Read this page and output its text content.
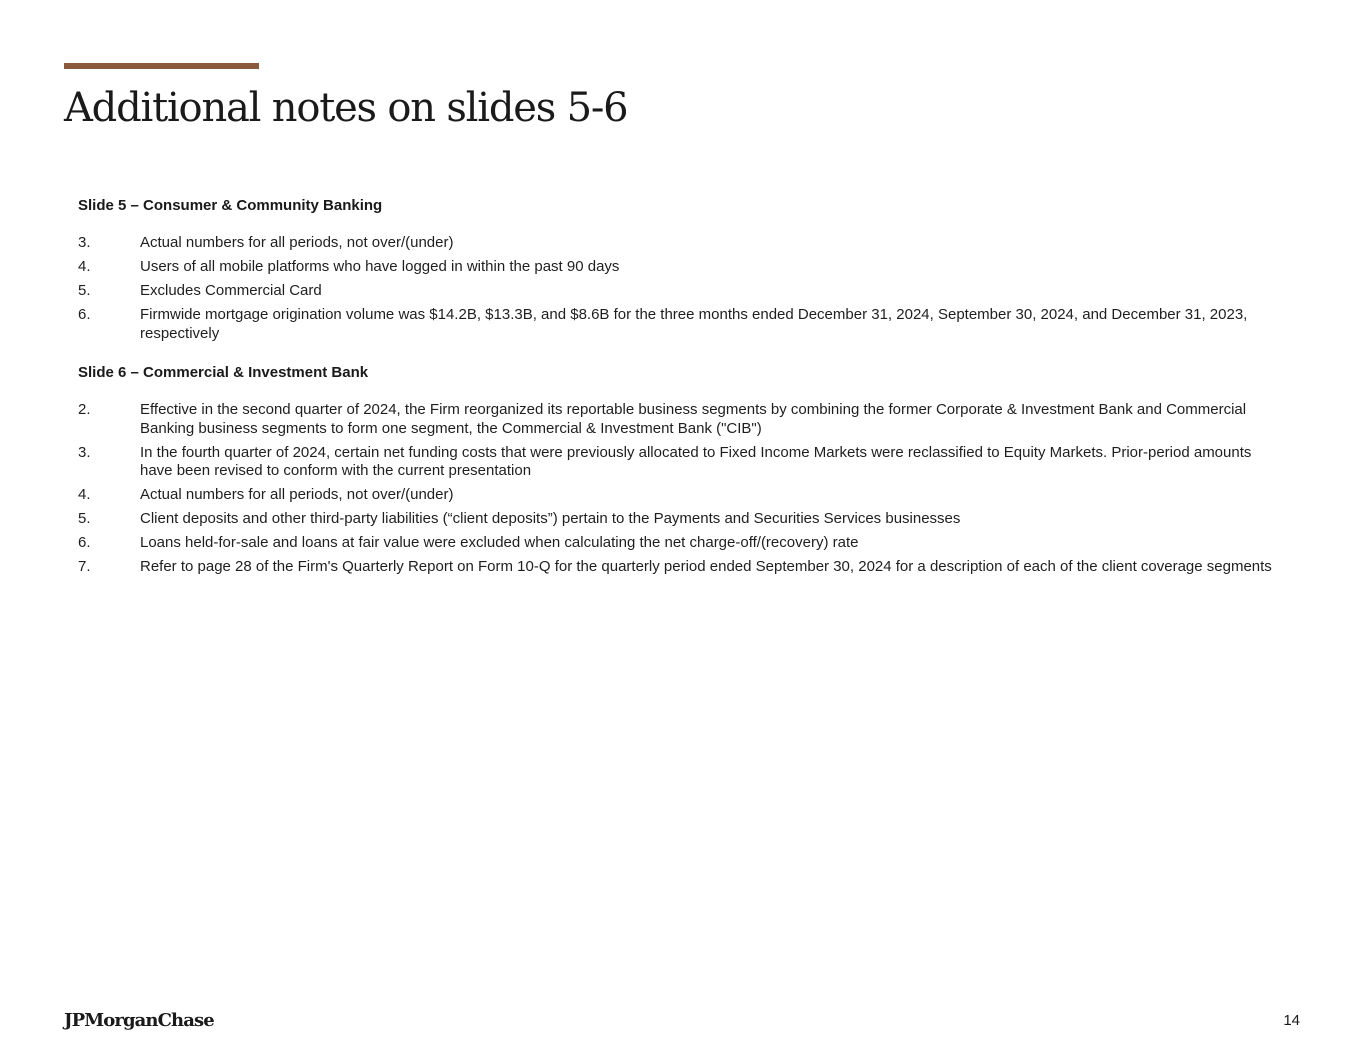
Additional notes on slides 5-6
Slide 5 – Consumer & Community Banking
3.	Actual numbers for all periods, not over/(under)
4.	Users of all mobile platforms who have logged in within the past 90 days
5.	Excludes Commercial Card
6.	Firmwide mortgage origination volume was $14.2B, $13.3B, and $8.6B for the three months ended December 31, 2024, September 30, 2024, and December 31, 2023, respectively
Slide 6 – Commercial & Investment Bank
2.	Effective in the second quarter of 2024, the Firm reorganized its reportable business segments by combining the former Corporate & Investment Bank and Commercial Banking business segments to form one segment, the Commercial & Investment Bank ("CIB")
3.	In the fourth quarter of 2024, certain net funding costs that were previously allocated to Fixed Income Markets were reclassified to Equity Markets. Prior-period amounts have been revised to conform with the current presentation
4.	Actual numbers for all periods, not over/(under)
5.	Client deposits and other third-party liabilities (“client deposits”) pertain to the Payments and Securities Services businesses
6.	Loans held-for-sale and loans at fair value were excluded when calculating the net charge-off/(recovery) rate
7.	Refer to page 28 of the Firm's Quarterly Report on Form 10-Q for the quarterly period ended September 30, 2024 for a description of each of the client coverage segments
JPMorganChase	14
